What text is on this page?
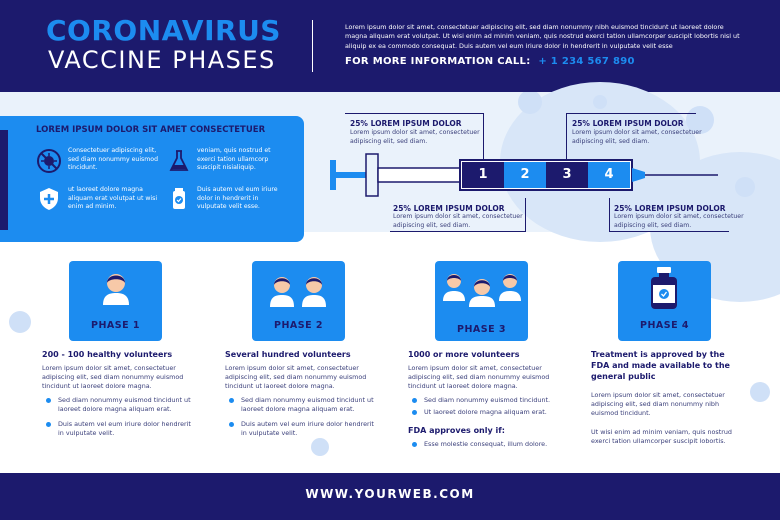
CORONAVIRUS
VACCINE PHASES
Lorem ipsum dolor sit amet, consectetuer adipiscing elit, sed diam nonummy nibh euismod tincidunt ut laoreet dolore magna aliquam erat volutpat. Ut wisi enim ad minim veniam, quis nostrud exerci tation ullamcorper suscipit lobortis nisl ut aliquip ex ea commodo consequat. Duis autem vel eum iriure dolor in hendrerit in vulputate velit esse
FOR MORE INFORMATION CALL: + 1 234 567 890
LOREM IPSUM DOLOR SIT AMET CONSECTETUER
Consectetuer adipiscing elit, sed diam nonummy euismod tincidunt.
veniam, quis nostrud et exerci tation ullamcorp suscipit nisialiquip.
ut laoreet dolore magna aliquam erat volutpat ut wisi enim ad minim.
Duis autem vel eum iriure dolor in hendrerit in vulputate velit esse.
1	2	3	4
25% LOREM IPSUM DOLOR
Lorem ipsum dolor sit amet, consectetuer adipiscing elit, sed diam.
25% LOREM IPSUM DOLOR
Lorem ipsum dolor sit amet, consectetuer adipiscing elit, sed diam.
25% LOREM IPSUM DOLOR
Lorem ipsum dolor sit amet, consectetuer adipiscing elit, sed diam.
25% LOREM IPSUM DOLOR
Lorem ipsum dolor sit amet, consectetuer adipiscing elit, sed diam.
PHASE 1	PHASE 2	PHASE 3	PHASE 4
200 - 100 healthy volunteers
Lorem ipsum dolor sit amet, consectetuer adipiscing elit, sed diam nonummy euismod tincidunt ut laoreet dolore magna.
Sed diam nonummy euismod tincidunt ut laoreet dolore magna aliquam erat.
Duis autem vel eum iriure dolor hendrerit in vulputate velit.
Several hundred volunteers
Lorem ipsum dolor sit amet, consectetuer adipiscing elit, sed diam nonummy euismod tincidunt ut laoreet dolore magna.
Sed diam nonummy euismod tincidunt ut laoreet dolore magna aliquam erat.
Duis autem vel eum iriure dolor hendrerit in vulputate velit.
1000 or more volunteers
Lorem ipsum dolor sit amet, consectetuer adipiscing elit, sed diam nonummy euismod tincidunt ut laoreet dolore magna.
Sed diam nonummy euismod tincidunt.
Ut laoreet dolore magna aliquam erat.
FDA approves only if:
Esse molestie consequat, illum dolore.
Treatment is approved by the FDA and made available to the general public
Lorem ipsum dolor sit amet, consectetuer adipiscing elit, sed diam nonummy nibh euismod tincidunt.
Ut wisi enim ad minim veniam, quis nostrud exerci tation ullamcorper suscipit lobortis.
WWW.YOURWEB.COM
